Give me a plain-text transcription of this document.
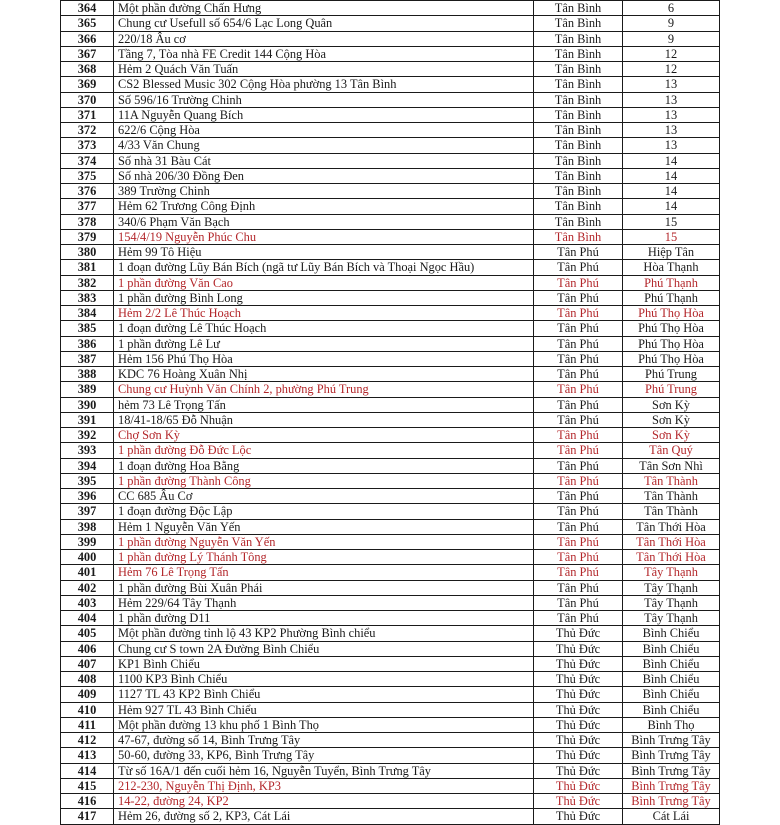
364	Một phần đường Chấn Hưng	Tân Bình	6
365	Chung cư Usefull số 654/6 Lạc Long Quân	Tân Bình	9
366	220/18 Âu cơ	Tân Bình	9
367	Tầng 7, Tòa nhà FE Credit 144 Cộng Hòa	Tân Bình	12
368	Hẻm 2 Quách Văn Tuấn	Tân Bình	12
369	CS2 Blessed Music 302 Cộng Hòa phường 13 Tân Bình	Tân Bình	13
370	Số 596/16 Trường Chinh	Tân Bình	13
371	11A Nguyễn Quang Bích	Tân Bình	13
372	622/6 Cộng Hòa	Tân Bình	13
373	4/33 Văn Chung	Tân Bình	13
374	Số nhà 31 Bàu Cát	Tân Bình	14
375	Số nhà 206/30 Đồng Đen	Tân Bình	14
376	389 Trường Chinh	Tân Bình	14
377	Hẻm 62 Trương Công Định	Tân Bình	14
378	340/6 Phạm Văn Bạch	Tân Bình	15
379	154/4/19 Nguyễn Phúc Chu	Tân Bình	15
380	Hẻm 99 Tô Hiệu	Tân Phú	Hiệp Tân
381	1 đoạn đường Lũy Bán Bích (ngã tư Lũy Bán Bích và Thoại Ngọc Hầu)	Tân Phú	Hòa Thạnh
382	1 phần đường Văn Cao	Tân Phú	Phú Thạnh
383	1 phần đường Bình Long	Tân Phú	Phú Thạnh
384	Hẻm 2/2 Lê Thúc Hoạch	Tân Phú	Phú Thọ Hòa
385	1 đoạn đường Lê Thúc Hoạch	Tân Phú	Phú Thọ Hòa
386	1 phần đường Lê Lư	Tân Phú	Phú Thọ Hòa
387	Hẻm 156 Phú Thọ Hòa	Tân Phú	Phú Thọ Hòa
388	KDC 76 Hoàng Xuân Nhị	Tân Phú	Phú Trung
389	Chung cư Huỳnh Văn Chính 2, phường Phú Trung	Tân Phú	Phú Trung
390	hẻm 73 Lê Trọng Tấn	Tân Phú	Sơn Kỳ
391	18/41-18/65 Đỗ Nhuận	Tân Phú	Sơn Kỳ
392	Chợ Sơn Kỳ	Tân Phú	Sơn Kỳ
393	1 phần đường Đỗ Đức Lộc	Tân Phú	Tân Quý
394	1 đoạn đường Hoa Bằng	Tân Phú	Tân Sơn Nhì
395	1 phần đường Thành Công	Tân Phú	Tân Thành
396	CC 685 Âu Cơ	Tân Phú	Tân Thành
397	1 đoạn đường Độc Lập	Tân Phú	Tân Thành
398	Hẻm 1 Nguyễn Văn Yến	Tân Phú	Tân Thới Hòa
399	1 phần đường Nguyễn Văn Yến	Tân Phú	Tân Thới Hòa
400	1 phần đường Lý Thánh Tông	Tân Phú	Tân Thới Hòa
401	Hẻm 76 Lê Trọng Tấn	Tân Phú	Tây Thạnh
402	1 phần đường Bùi Xuân Phái	Tân Phú	Tây Thạnh
403	Hẻm 229/64 Tây Thạnh	Tân Phú	Tây Thạnh
404	1 phần đường D11	Tân Phú	Tây Thạnh
405	Một phần đường tỉnh lộ 43 KP2 Phường Bình chiểu	Thủ Đức	Bình Chiểu
406	Chung cư S town 2A Đường Bình Chiểu	Thủ Đức	Bình Chiểu
407	KP1 Bình Chiểu	Thủ Đức	Bình Chiểu
408	1100 KP3 Bình Chiểu	Thủ Đức	Bình Chiểu
409	1127 TL 43 KP2 Bình Chiểu	Thủ Đức	Bình Chiểu
410	Hẻm 927 TL 43 Bình Chiểu	Thủ Đức	Bình Chiểu
411	Một phần đường 13 khu phố 1 Bình Thọ	Thủ Đức	Bình Thọ
412	47-67, đường số 14, Bình Trưng Tây	Thủ Đức	Bình Trưng Tây
413	50-60, đường 33, KP6, Bình Trưng Tây	Thủ Đức	Bình Trưng Tây
414	Từ số 16A/1 đến cuối hẻm 16, Nguyễn Tuyển, Bình Trưng Tây	Thủ Đức	Bình Trưng Tây
415	212-230, Nguyễn Thị Định, KP3	Thủ Đức	Bình Trưng Tây
416	14-22, đường 24, KP2	Thủ Đức	Bình Trưng Tây
417	Hẻm 26, đường số 2, KP3, Cát Lái	Thủ Đức	Cát Lái
